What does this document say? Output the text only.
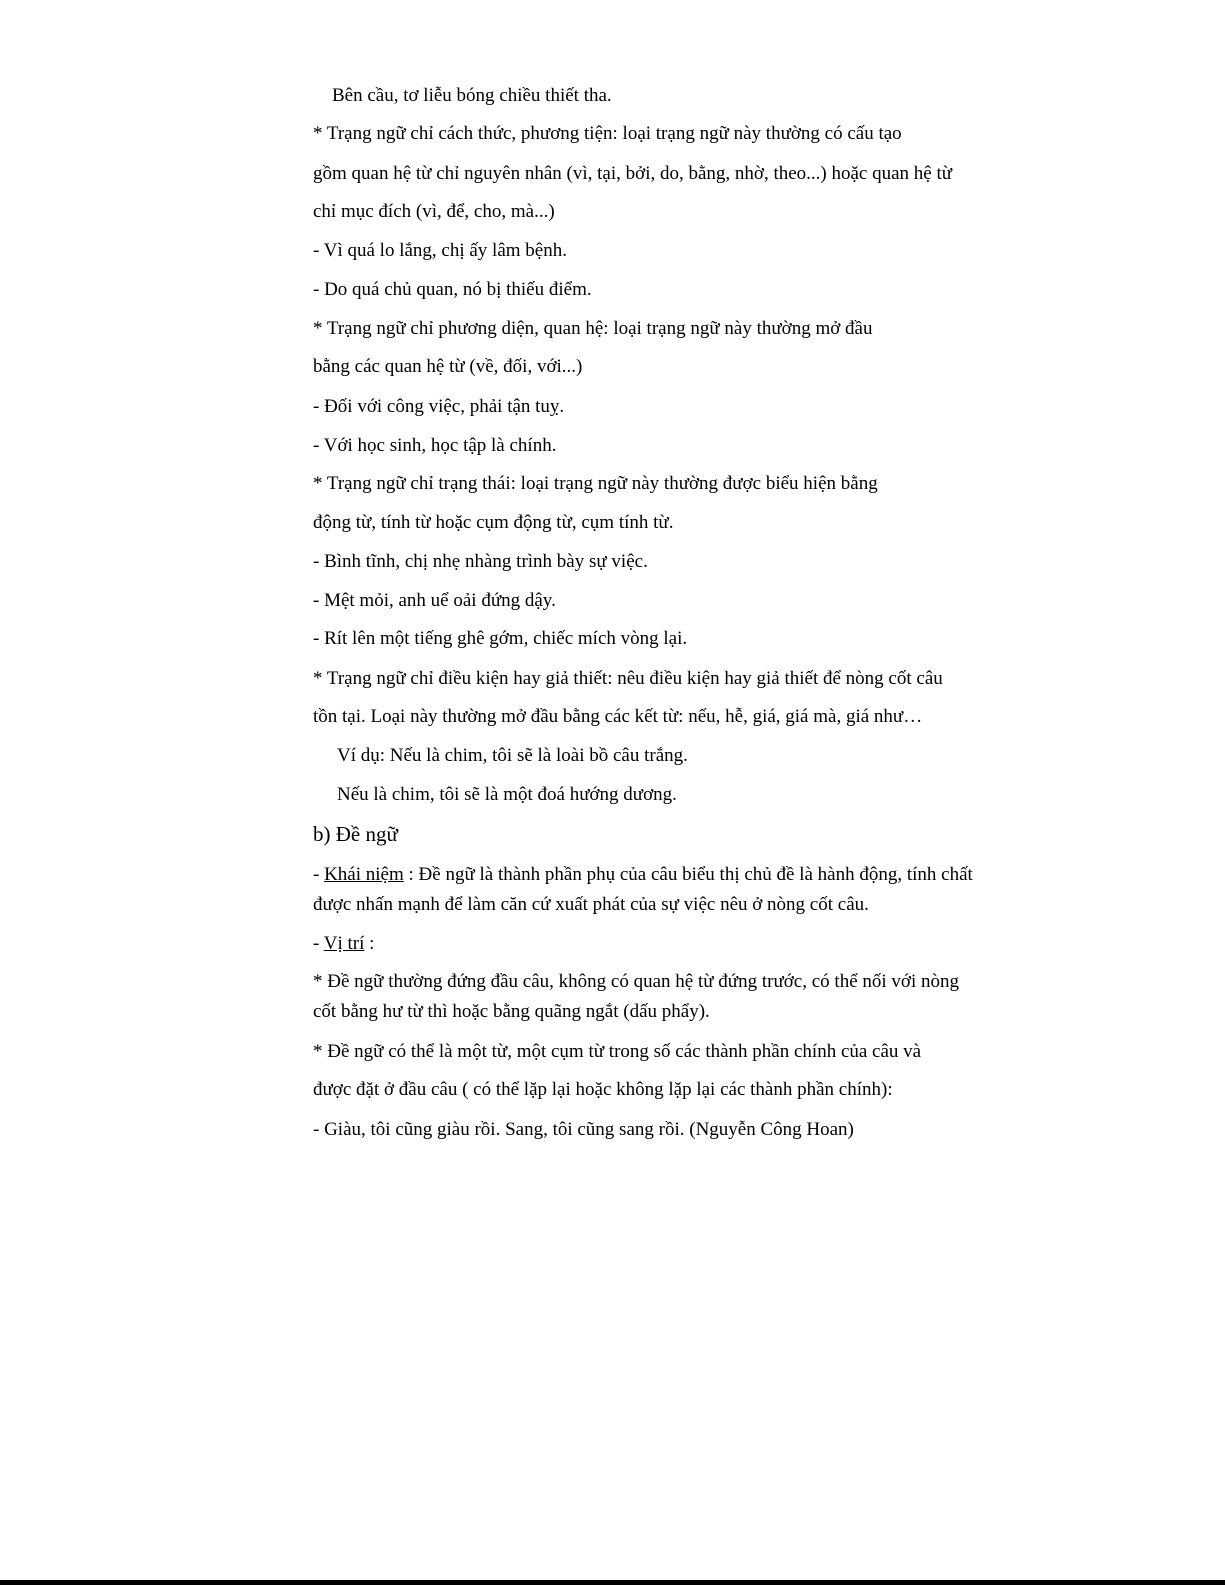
Bên cầu, tơ liễu bóng chiều thiết tha.
* Trạng ngữ chỉ cách thức, phương tiện: loại trạng ngữ này thường có cấu tạo
gồm quan hệ từ chỉ nguyên nhân (vì, tại, bởi, do, bằng, nhờ, theo...) hoặc quan hệ từ
chỉ mục đích (vì, để, cho, mà...)
- Vì quá lo lắng, chị ấy lâm bệnh.
- Do quá chủ quan, nó bị thiếu điểm.
* Trạng ngữ chỉ phương diện, quan hệ: loại trạng ngữ này thường mở đầu
bằng các quan hệ từ (về, đối, với...)
- Đối với công việc, phải tận tuỵ.
- Với học sinh, học tập là chính.
* Trạng ngữ chỉ trạng thái: loại trạng ngữ này thường được biểu hiện bằng
động từ, tính từ hoặc cụm động từ, cụm tính từ.
- Bình tĩnh, chị nhẹ nhàng trình bày sự việc.
- Mệt mỏi, anh uể oải đứng dậy.
- Rít lên một tiếng ghê gớm, chiếc mích vòng lại.
* Trạng ngữ chỉ điều kiện hay giả thiết: nêu điều kiện hay giả thiết để nòng cốt câu
tồn tại. Loại này thường mở đầu bằng các kết từ: nếu, hễ, giá, giá mà, giá như…
Ví dụ: Nếu là chim, tôi sẽ là loài bồ câu trắng.
Nếu là chim, tôi sẽ là một đoá hướng dương.
b) Đề ngữ
- Khái niệm : Đề ngữ là thành phần phụ của câu biểu thị chủ đề là hành động, tính chất
được nhấn mạnh để làm căn cứ xuất phát của sự việc nêu ở nòng cốt câu.
- Vị trí :
* Đề ngữ thường đứng đầu câu, không có quan hệ từ đứng trước, có thể nối với nòng
cốt bằng hư từ thì hoặc bằng quãng ngắt (dấu phẩy).
* Đề ngữ có thể là một từ, một cụm từ trong số các thành phần chính của câu và
được đặt ở đầu câu ( có thể lặp lại hoặc không lặp lại các thành phần chính):
- Giàu, tôi cũng giàu rồi. Sang, tôi cũng sang rồi. (Nguyễn Công Hoan)
